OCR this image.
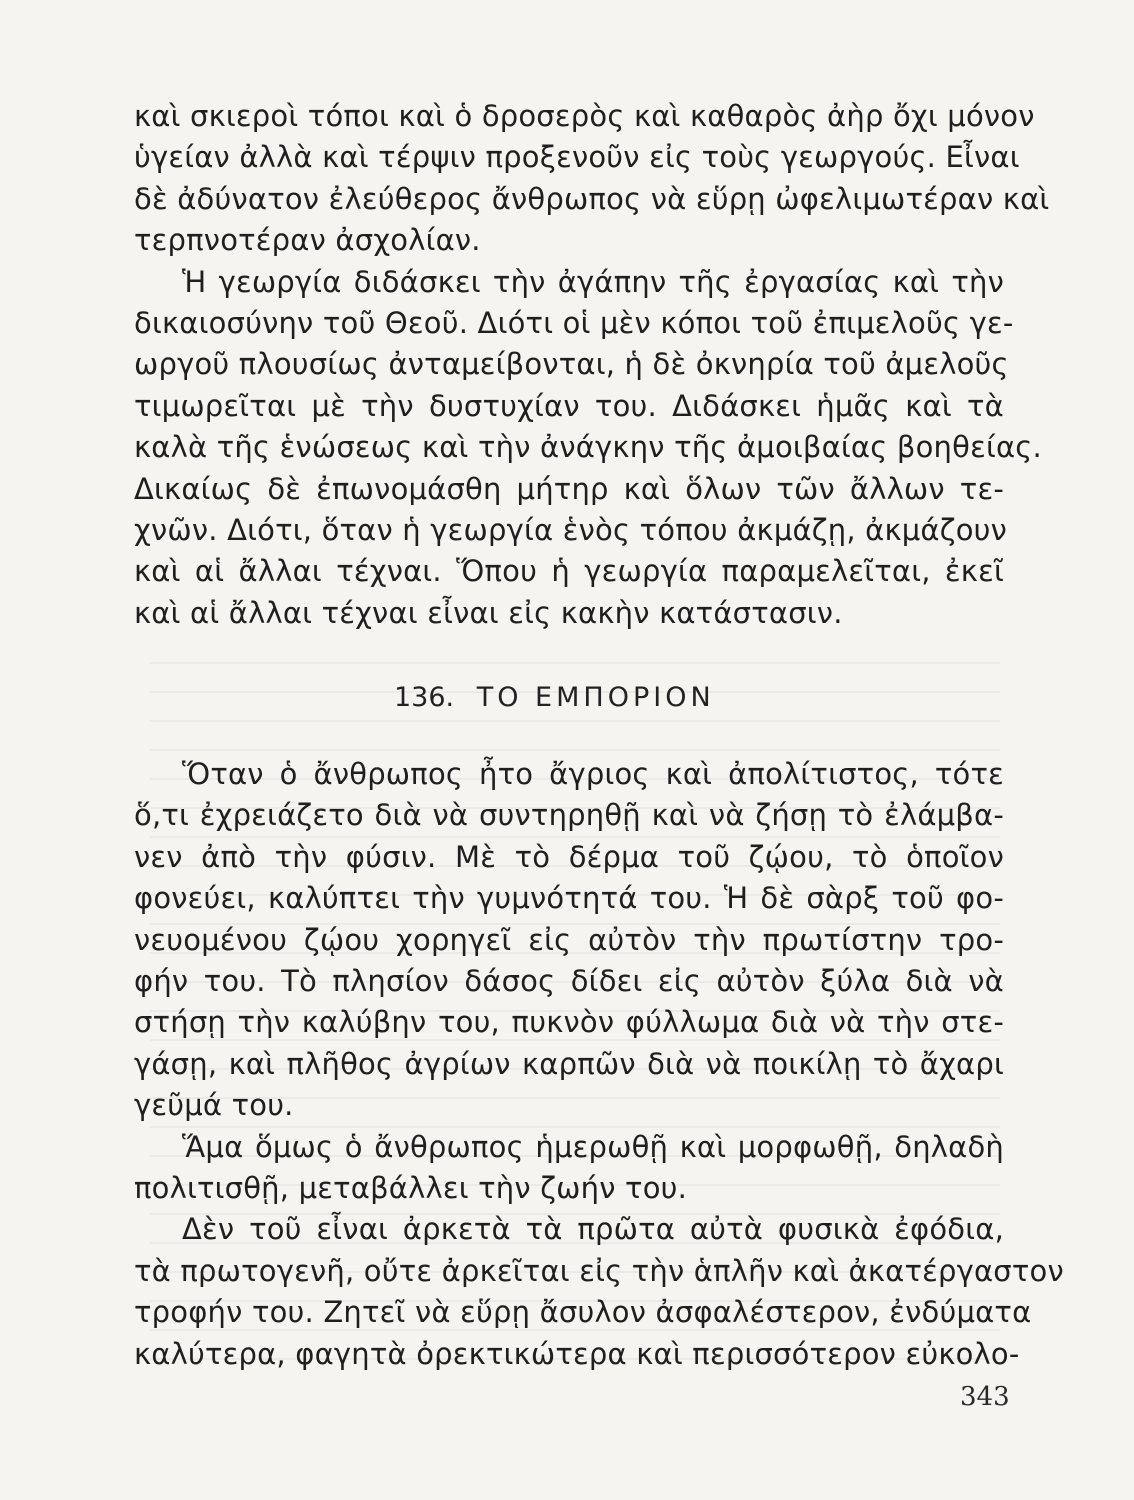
καὶ σκιεροὶ τόποι καὶ ὁ δροσερὸς καὶ καθαρὸς ἀὴρ ὄχι μόνον
ὑγείαν ἀλλὰ καὶ τέρψιν προξενοῦν εἰς τοὺς γεωργούς. Εἶναι
δὲ ἀδύνατον ἐλεύθερος ἄνθρωπος νὰ εὕρῃ ὠφελιμωτέραν καὶ
τερπνοτέραν ἀσχολίαν.
Ἡ γεωργία διδάσκει τὴν ἀγάπην τῆς ἐργασίας καὶ τὴν
δικαιοσύνην τοῦ Θεοῦ. Διότι οἱ μὲν κόποι τοῦ ἐπιμελοῦς γε-
ωργοῦ πλουσίως ἀνταμείβονται, ἡ δὲ ὀκνηρία τοῦ ἀμελοῦς
τιμωρεῖται μὲ τὴν δυστυχίαν του. Διδάσκει ἡμᾶς καὶ τὰ
καλὰ τῆς ἑνώσεως καὶ τὴν ἀνάγκην τῆς ἀμοιβαίας βοηθείας.
Δικαίως δὲ ἐπωνομάσθη μήτηρ καὶ ὅλων τῶν ἄλλων τε-
χνῶν. Διότι, ὅταν ἡ γεωργία ἑνὸς τόπου ἀκμάζῃ, ἀκμάζουν
καὶ αἱ ἄλλαι τέχναι. Ὅπου ἡ γεωργία παραμελεῖται, ἐκεῖ
καὶ αἱ ἄλλαι τέχναι εἶναι εἰς κακὴν κατάστασιν.
136. ΤΟ ΕΜΠΟΡΙΟΝ
Ὅταν ὁ ἄνθρωπος ἦτο ἄγριος καὶ ἀπολίτιστος, τότε
ὅ,τι ἐχρειάζετο διὰ νὰ συντηρηθῇ καὶ νὰ ζήσῃ τὸ ἐλάμβα-
νεν ἀπὸ τὴν φύσιν. Μὲ τὸ δέρμα τοῦ ζῴου, τὸ ὁποῖον
φονεύει, καλύπτει τὴν γυμνότητά του. Ἡ δὲ σὰρξ τοῦ φο-
νευομένου ζῴου χορηγεῖ εἰς αὐτὸν τὴν πρωτίστην τρο-
φήν του. Τὸ πλησίον δάσος δίδει εἰς αὐτὸν ξύλα διὰ νὰ
στήσῃ τὴν καλύβην του, πυκνὸν φύλλωμα διὰ νὰ τὴν στε-
γάσῃ, καὶ πλῆθος ἀγρίων καρπῶν διὰ νὰ ποικίλῃ τὸ ἄχαρι
γεῦμά του.
Ἅμα ὅμως ὁ ἄνθρωπος ἡμερωθῇ καὶ μορφωθῇ, δηλαδὴ
πολιτισθῇ, μεταβάλλει τὴν ζωήν του.
Δὲν τοῦ εἶναι ἀρκετὰ τὰ πρῶτα αὐτὰ φυσικὰ ἐφόδια,
τὰ πρωτογενῆ, οὔτε ἀρκεῖται εἰς τὴν ἁπλῆν καὶ ἀκατέργαστον
τροφήν του. Ζητεῖ νὰ εὕρῃ ἄσυλον ἀσφαλέστερον, ἐνδύματα
καλύτερα, φαγητὰ ὀρεκτικώτερα καὶ περισσότερον εὐκολο-
343
